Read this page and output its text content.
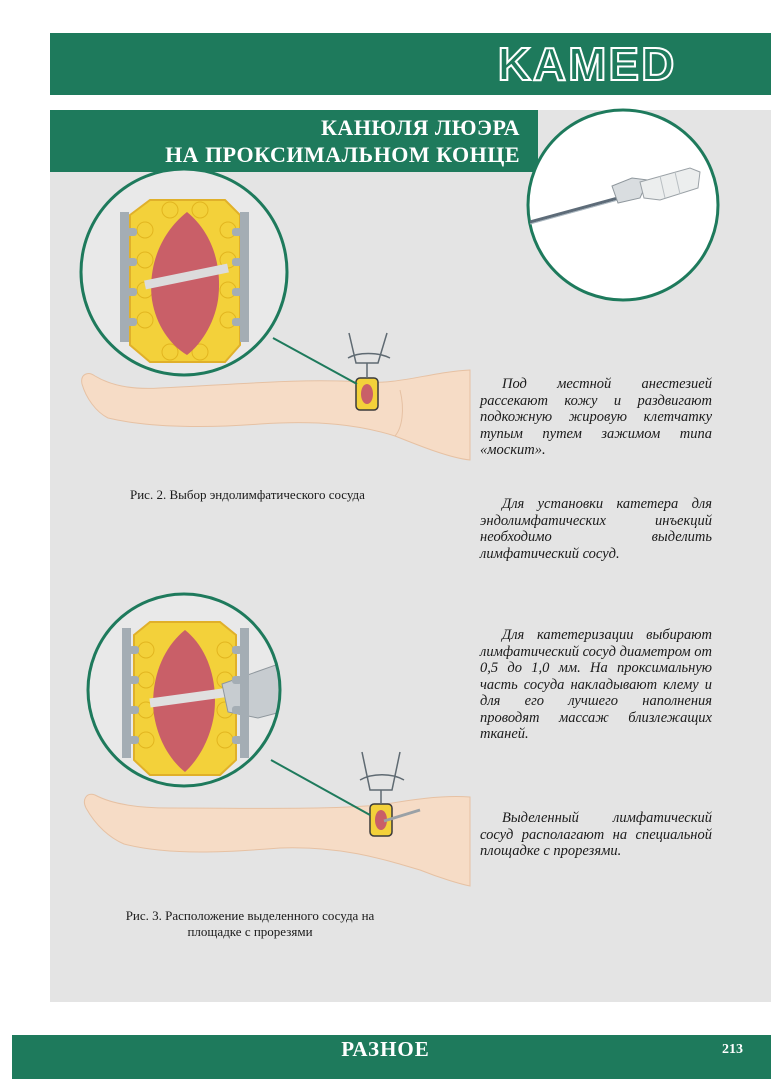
KAMED
КАНЮЛЯ ЛЮЭРА
НА ПРОКСИМАЛЬНОМ КОНЦЕ
Под местной анестезией рассекают кожу и раздвигают подкожную жировую клетчатку тупым путем зажимом типа «москит».
Для установки катетера для эндолимфатических инъекций необходимо выделить лимфатический сосуд.
Для катетеризации выбирают лимфатический сосуд диаметром от 0,5 до 1,0 мм. На проксимальную часть сосуда накладывают клему и для его лучшего наполнения проводят массаж близлежащих тканей.
Выделенный лимфатический сосуд располагают на специальной площадке с прорезями.
Рис. 2. Выбор эндолимфатического сосуда
Рис. 3. Расположение выделенного сосуда на площадке с прорезями
РАЗНОЕ	213
